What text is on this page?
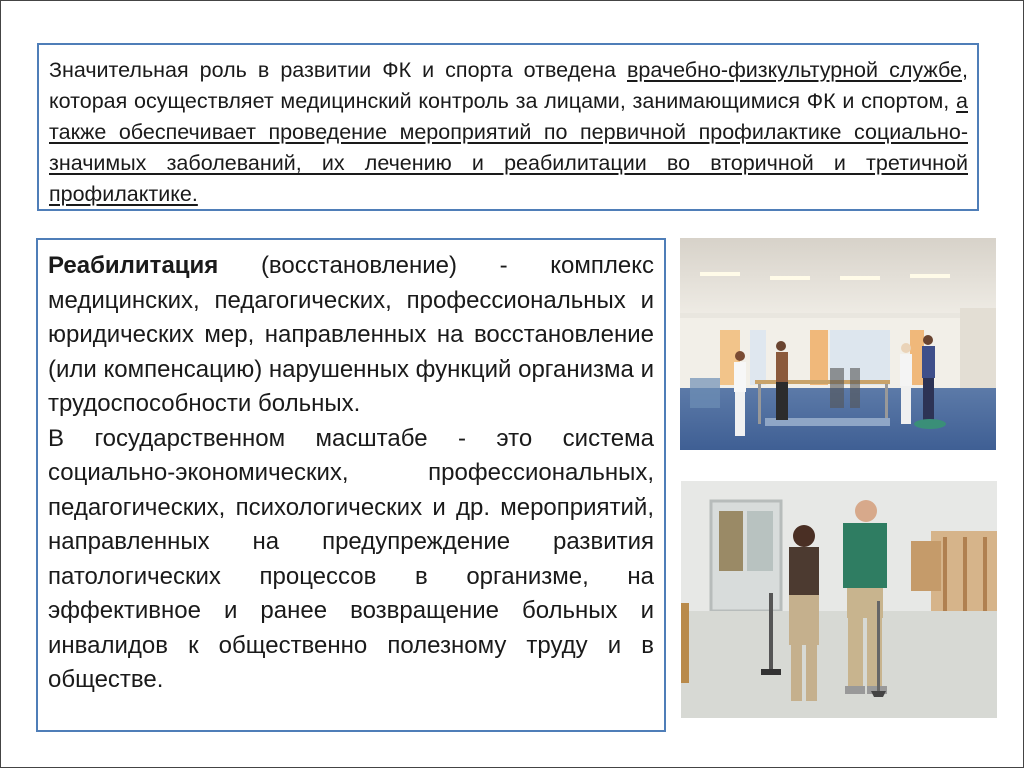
Значительная роль в развитии ФК и спорта отведена врачебно-физкультурной службе, которая осуществляет медицинский контроль за лицами, занимающимися ФК и спортом, а также обеспечивает проведение мероприятий по первичной профилактике социально-значимых заболеваний, их лечению и реабилитации во вторичной и третичной профилактике.

Реабилитация (восстановление) - комплекс медицинских, педагогических, профессиональных и юридических мер, направленных на восстановление (или компенсацию) нарушенных функций организма и трудоспособности больных.

В государственном масштабе - это система социально-экономических, профессиональных, педагогических, психологических и др. мероприятий, направленных на предупреждение развития патологических процессов в организме, на эффективное и ранее возвращение больных и инвалидов к общественно полезному труду и в обществе.
